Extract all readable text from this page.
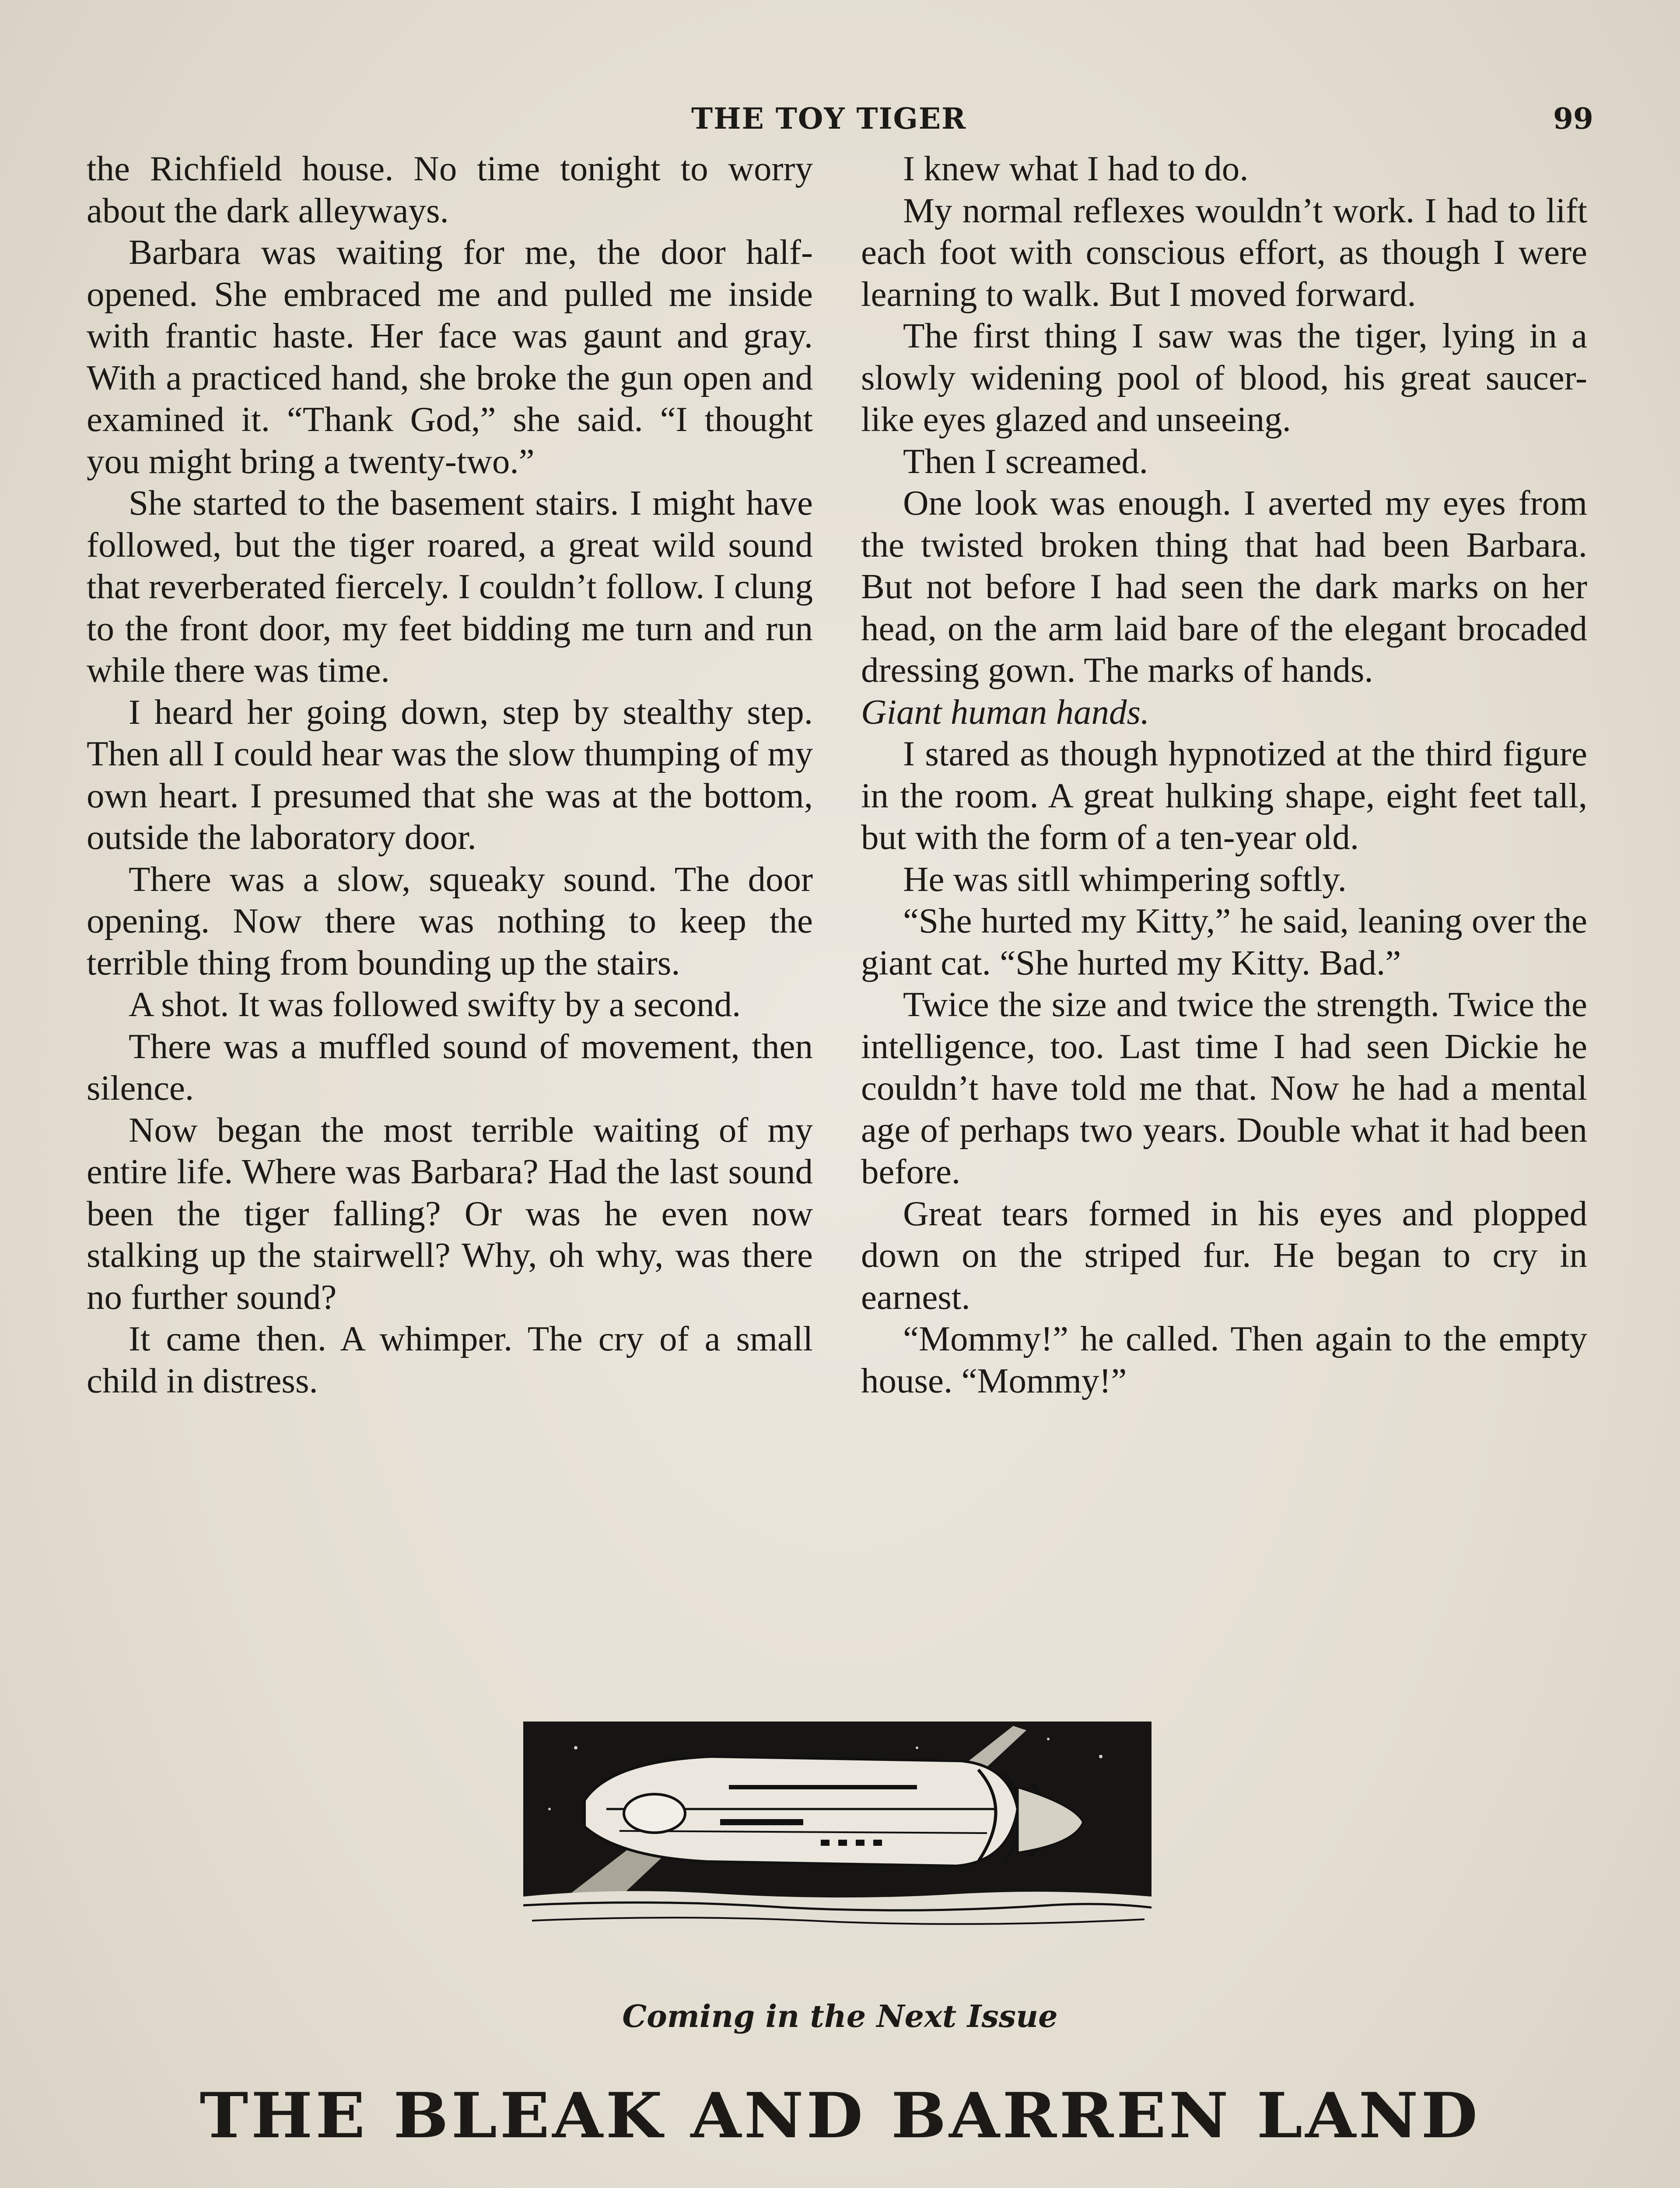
THE TOY TIGER	99

the Richfield house. No time tonight to worry about the dark alleyways.

Barbara was waiting for me, the door half-opened. She embraced me and pulled me inside with frantic haste. Her face was gaunt and gray. With a practiced hand, she broke the gun open and examined it. “Thank God,” she said. “I thought you might bring a twenty-two.”

She started to the basement stairs. I might have followed, but the tiger roared, a great wild sound that reverberated fiercely. I couldn’t follow. I clung to the front door, my feet bidding me turn and run while there was time.

I heard her going down, step by stealthy step. Then all I could hear was the slow thumping of my own heart. I presumed that she was at the bottom, outside the laboratory door.

There was a slow, squeaky sound. The door opening. Now there was nothing to keep the terrible thing from bounding up the stairs.

A shot. It was followed swifty by a second.

There was a muffled sound of movement, then silence.

Now began the most terrible waiting of my entire life. Where was Barbara? Had the last sound been the tiger falling? Or was he even now stalking up the stairwell? Why, oh why, was there no further sound?

It came then. A whimper. The cry of a small child in distress.

I knew what I had to do.

My normal reflexes wouldn’t work. I had to lift each foot with conscious effort, as though I were learning to walk. But I moved forward.

The first thing I saw was the tiger, lying in a slowly widening pool of blood, his great saucer-like eyes glazed and unseeing.

Then I screamed.

One look was enough. I averted my eyes from the twisted broken thing that had been Barbara. But not before I had seen the dark marks on her head, on the arm laid bare of the elegant brocaded dressing gown. The marks of hands.

Giant human hands.

I stared as though hypnotized at the third figure in the room. A great hulking shape, eight feet tall, but with the form of a ten-year old.

He was sitll whimpering softly.

“She hurted my Kitty,” he said, leaning over the giant cat. “She hurted my Kitty. Bad.”

Twice the size and twice the strength. Twice the intelligence, too. Last time I had seen Dickie he couldn’t have told me that. Now he had a mental age of perhaps two years. Double what it had been before.

Great tears formed in his eyes and plopped down on the striped fur. He began to cry in earnest.

“Mommy!” he called. Then again to the empty house. “Mommy!”

Coming in the Next Issue
THE BLEAK AND BARREN LAND
